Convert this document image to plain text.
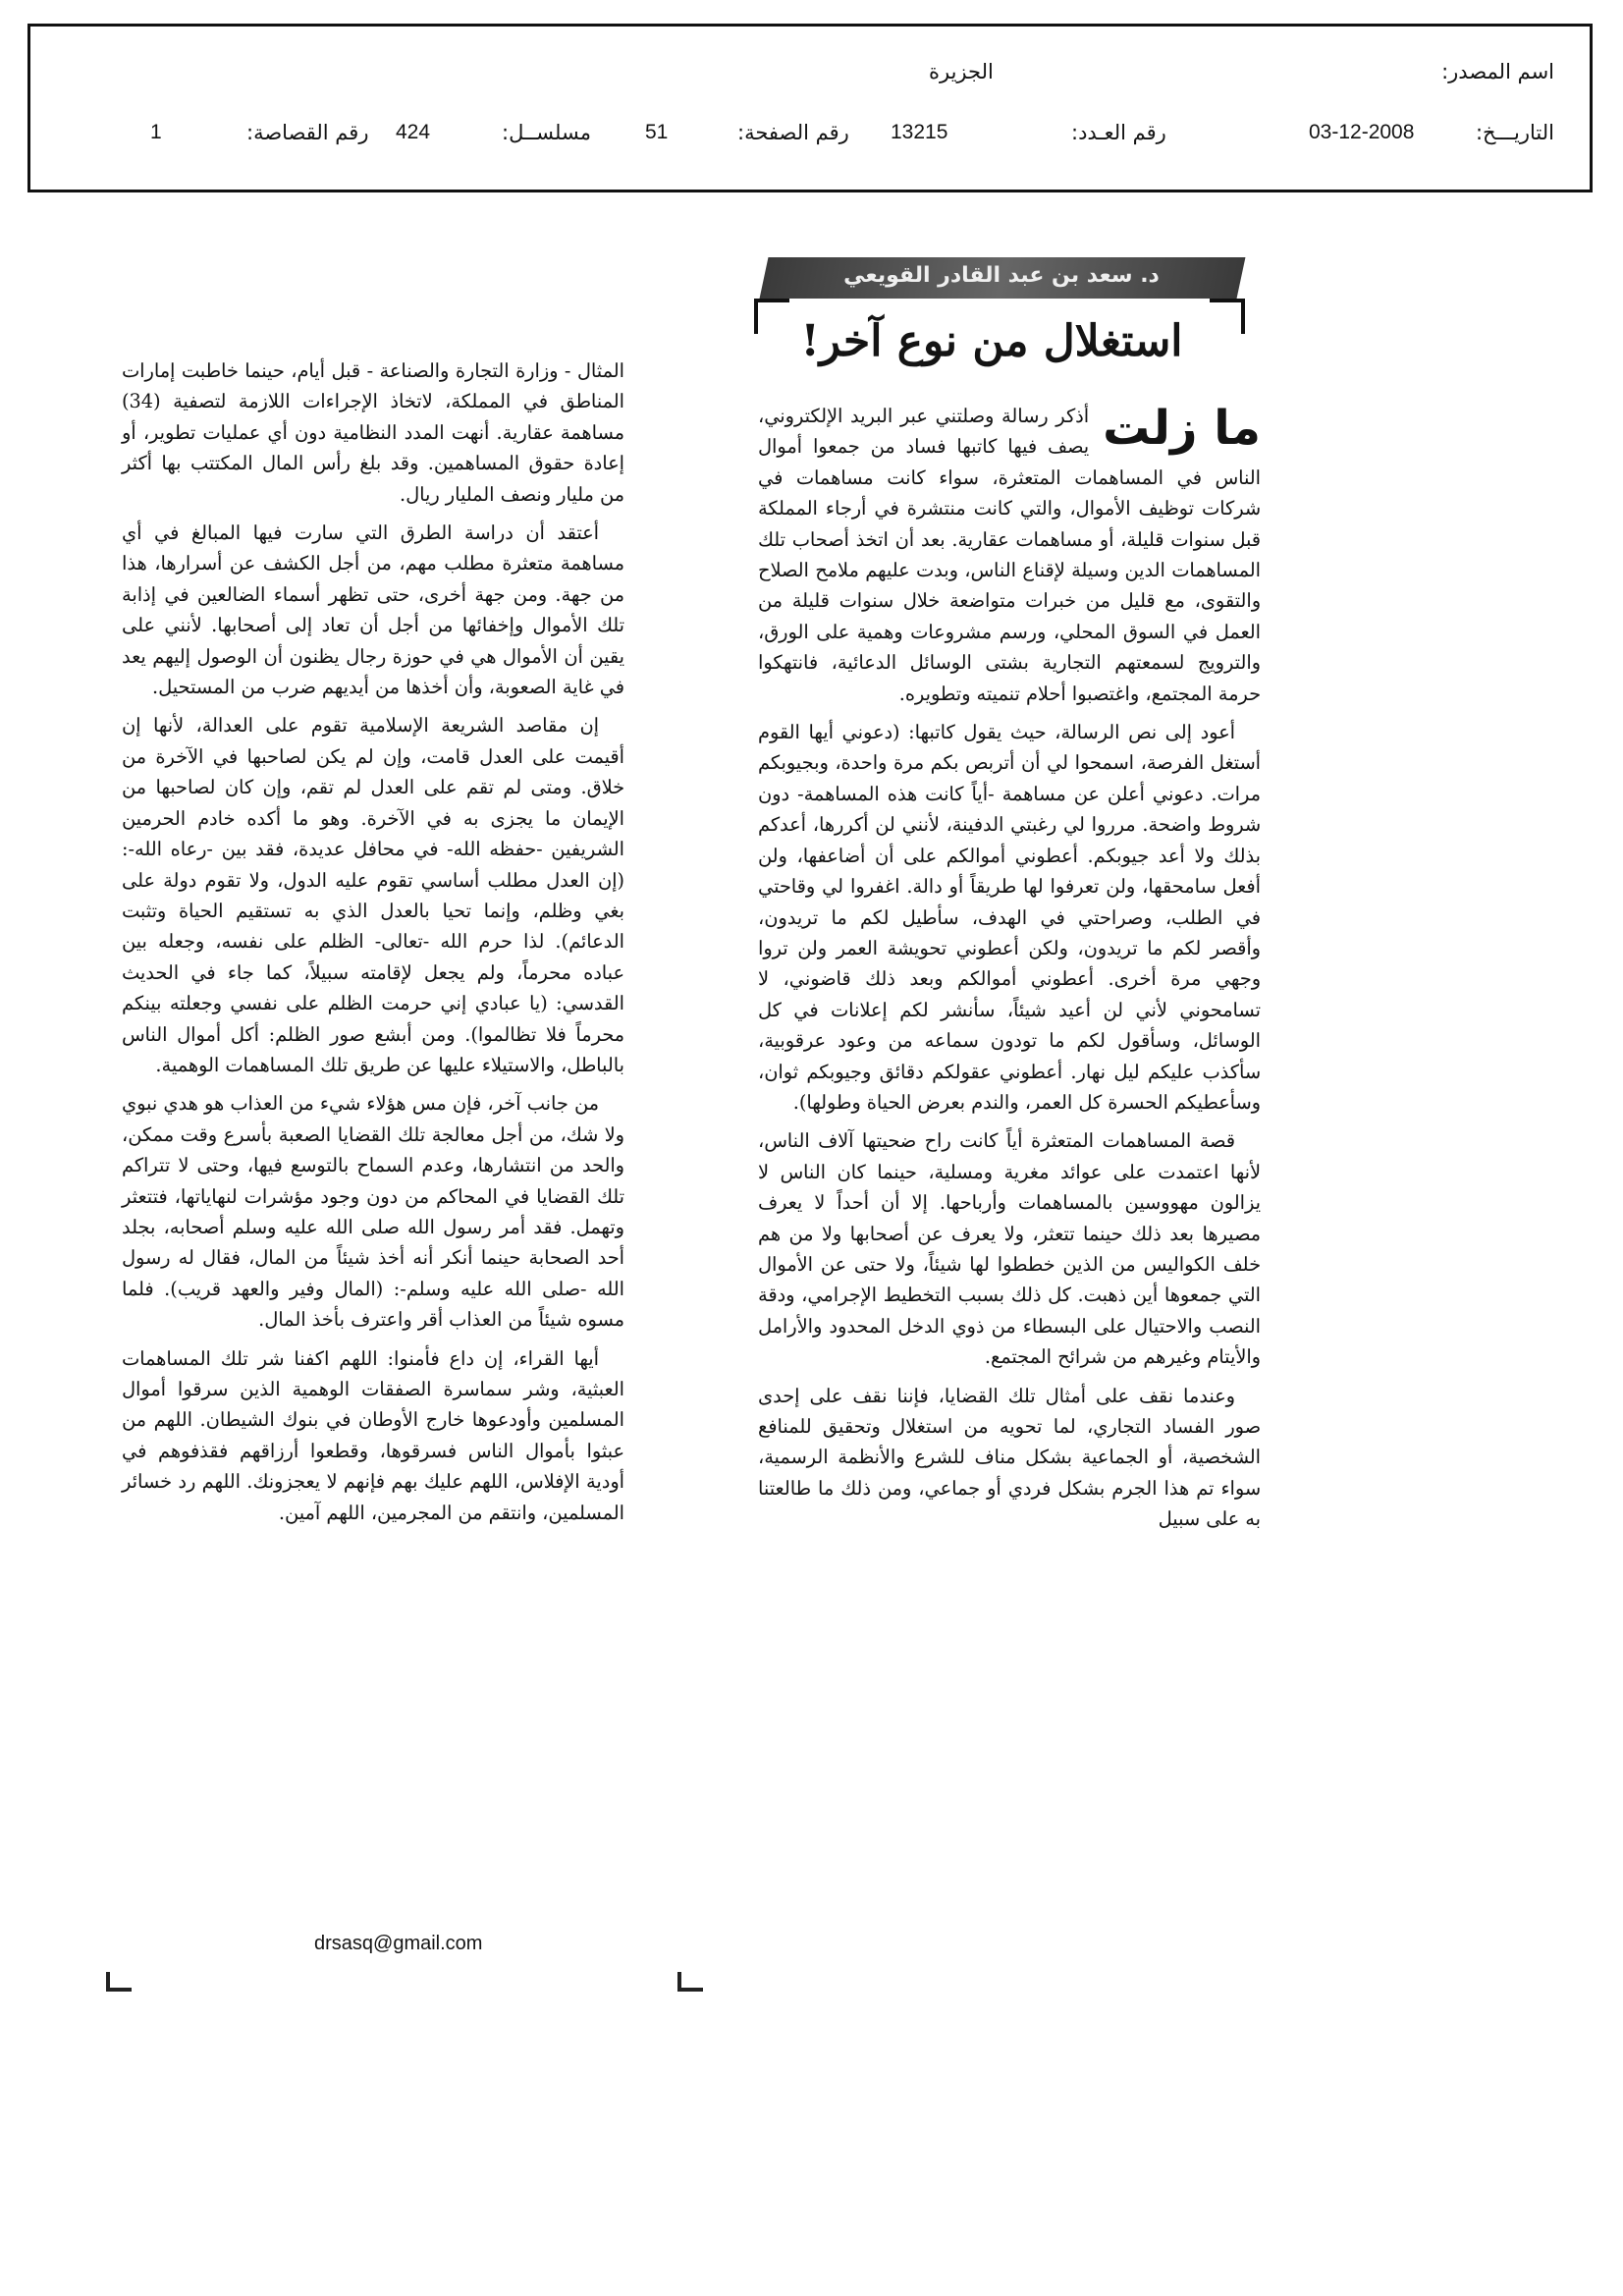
اسم المصدر:
الجزيرة
التاريـــخ:
03-12-2008
رقم العـدد:
13215
رقم الصفحة:
51
مسلســل:
424
رقم القصاصة:
1
د. سعد بن عبد القادر القويعي
استغلال من نوع آخر!
ما زلت

أذكر رسالة وصلتني عبر البريد الإلكتروني، يصف فيها كاتبها فساد من جمعوا أموال الناس في المساهمات المتعثرة، سواء كانت مساهمات في شركات توظيف الأموال، والتي كانت منتشرة في أرجاء المملكة قبل سنوات قليلة، أو مساهمات عقارية. بعد أن اتخذ أصحاب تلك المساهمات الدين وسيلة لإقناع الناس، وبدت عليهم ملامح الصلاح والتقوى، مع قليل من خبرات متواضعة خلال سنوات قليلة من العمل في السوق المحلي، ورسم مشروعات وهمية على الورق، والترويج لسمعتهم التجارية بشتى الوسائل الدعائية، فانتهكوا حرمة المجتمع، واغتصبوا أحلام تنميته وتطويره.

أعود إلى نص الرسالة، حيث يقول كاتبها: (دعوني أيها القوم أستغل الفرصة، اسمحوا لي أن أتربص بكم مرة واحدة، وبجيوبكم مرات. دعوني أعلن عن مساهمة -أياً كانت هذه المساهمة- دون شروط واضحة. مرروا لي رغبتي الدفينة، لأنني لن أكررها، أعدكم بذلك ولا أعد جيوبكم. أعطوني أموالكم على أن أضاعفها، ولن أفعل سامحقها، ولن تعرفوا لها طريقاً أو دالة. اغفروا لي وقاحتي في الطلب، وصراحتي في الهدف، سأطيل لكم ما تريدون، وأقصر لكم ما تريدون، ولكن أعطوني تحويشة العمر ولن تروا وجهي مرة أخرى. أعطوني أموالكم وبعد ذلك قاضوني، لا تسامحوني لأني لن أعيد شيئاً، سأنشر لكم إعلانات في كل الوسائل، وسأقول لكم ما تودون سماعه من وعود عرقوبية، سأكذب عليكم ليل نهار. أعطوني عقولكم دقائق وجيوبكم ثوان، وسأعطيكم الحسرة كل العمر، والندم بعرض الحياة وطولها).

قصة المساهمات المتعثرة أياً كانت راح ضحيتها آلاف الناس، لأنها اعتمدت على عوائد مغرية ومسلية، حينما كان الناس لا يزالون مهووسين بالمساهمات وأرباحها. إلا أن أحداً لا يعرف مصيرها بعد ذلك حينما تتعثر، ولا يعرف عن أصحابها ولا من هم خلف الكواليس من الذين خططوا لها شيئاً، ولا حتى عن الأموال التي جمعوها أين ذهبت. كل ذلك بسبب التخطيط الإجرامي، ودقة النصب والاحتيال على البسطاء من ذوي الدخل المحدود والأرامل والأيتام وغيرهم من شرائح المجتمع.

وعندما نقف على أمثال تلك القضايا، فإننا نقف على إحدى صور الفساد التجاري، لما تحويه من استغلال وتحقيق للمنافع الشخصية، أو الجماعية بشكل مناف للشرع والأنظمة الرسمية، سواء تم هذا الجرم بشكل فردي أو جماعي، ومن ذلك ما طالعتنا به على سبيل

المثال - وزارة التجارة والصناعة - قبل أيام، حينما خاطبت إمارات المناطق في المملكة، لاتخاذ الإجراءات اللازمة لتصفية (34) مساهمة عقارية. أنهت المدد النظامية دون أي عمليات تطوير، أو إعادة حقوق المساهمين. وقد بلغ رأس المال المكتتب بها أكثر من مليار ونصف المليار ريال.

أعتقد أن دراسة الطرق التي سارت فيها المبالغ في أي مساهمة متعثرة مطلب مهم، من أجل الكشف عن أسرارها، هذا من جهة. ومن جهة أخرى، حتى تظهر أسماء الضالعين في إذابة تلك الأموال وإخفائها من أجل أن تعاد إلى أصحابها. لأنني على يقين أن الأموال هي في حوزة رجال يظنون أن الوصول إليهم يعد في غاية الصعوبة، وأن أخذها من أيديهم ضرب من المستحيل.

إن مقاصد الشريعة الإسلامية تقوم على العدالة، لأنها إن أقيمت على العدل قامت، وإن لم يكن لصاحبها في الآخرة من خلاق. ومتى لم تقم على العدل لم تقم، وإن كان لصاحبها من الإيمان ما يجزى به في الآخرة. وهو ما أكده خادم الحرمين الشريفين -حفظه الله- في محافل عديدة، فقد بين -رعاه الله-: (إن العدل مطلب أساسي تقوم عليه الدول، ولا تقوم دولة على بغي وظلم، وإنما تحيا بالعدل الذي به تستقيم الحياة وتثبت الدعائم). لذا حرم الله -تعالى- الظلم على نفسه، وجعله بين عباده محرماً، ولم يجعل لإقامته سبيلاً، كما جاء في الحديث القدسي: (يا عبادي إني حرمت الظلم على نفسي وجعلته بينكم محرماً فلا تظالموا). ومن أبشع صور الظلم: أكل أموال الناس بالباطل، والاستيلاء عليها عن طريق تلك المساهمات الوهمية.

من جانب آخر، فإن مس هؤلاء شيء من العذاب هو هدي نبوي ولا شك، من أجل معالجة تلك القضايا الصعبة بأسرع وقت ممكن، والحد من انتشارها، وعدم السماح بالتوسع فيها، وحتى لا تتراكم تلك القضايا في المحاكم من دون وجود مؤشرات لنهاياتها، فتتعثر وتهمل. فقد أمر رسول الله صلى الله عليه وسلم أصحابه، بجلد أحد الصحابة حينما أنكر أنه أخذ شيئاً من المال، فقال له رسول الله -صلى الله عليه وسلم-: (المال وفير والعهد قريب). فلما مسوه شيئاً من العذاب أقر واعترف بأخذ المال.

أيها القراء، إن داع فأمنوا: اللهم اكفنا شر تلك المساهمات العبثية، وشر سماسرة الصفقات الوهمية الذين سرقوا أموال المسلمين وأودعوها خارج الأوطان في بنوك الشيطان. اللهم من عبثوا بأموال الناس فسرقوها، وقطعوا أرزاقهم فقذفوهم في أودية الإفلاس، اللهم عليك بهم فإنهم لا يعجزونك. اللهم رد خسائر المسلمين، وانتقم من المجرمين، اللهم آمين.

drsasq@gmail.com
